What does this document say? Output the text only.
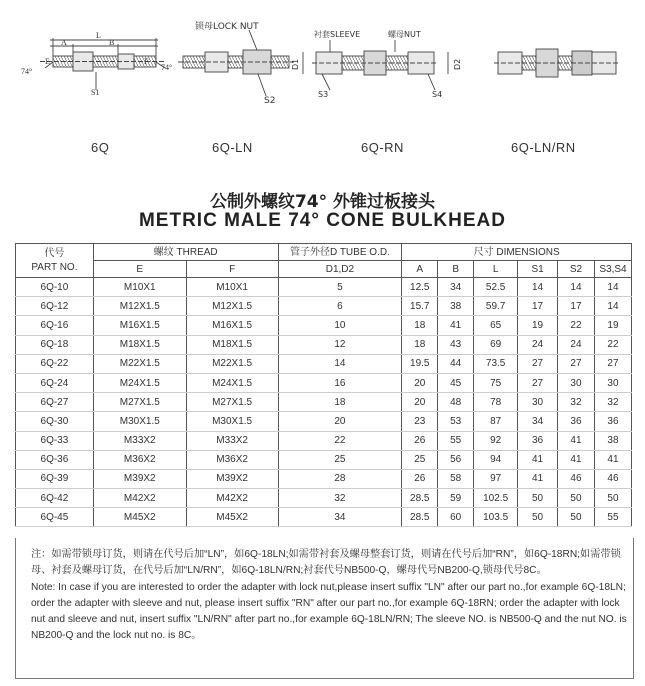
74°
A
L
B
E	F
S1
74°
锁母LOCK NUT
S2
衬套SLEEVE	螺母NUT
D1
S3	S4
D2
6Q	6Q-LN	6Q-RN	6Q-LN/RN
公制外螺纹74° 外锥过板接头
METRIC MALE 74° CONE BULKHEAD
代号
PART NO.	螺纹 THREAD		管子外径D TUBE O.D.	尺寸 DIMENSIONS					
	E	F	D1,D2	A	B	L	S1	S2	S3,S4
6Q-10	M10X1	M10X1	5	12.5	34	52.5	14	14	14
6Q-12	M12X1.5	M12X1.5	6	15.7	38	59.7	17	17	14
6Q-16	M16X1.5	M16X1.5	10	18	41	65	19	22	19
6Q-18	M18X1.5	M18X1.5	12	18	43	69	24	24	22
6Q-22	M22X1.5	M22X1.5	14	19.5	44	73.5	27	27	27
6Q-24	M24X1.5	M24X1.5	16	20	45	75	27	30	30
6Q-27	M27X1.5	M27X1.5	18	20	48	78	30	32	32
6Q-30	M30X1.5	M30X1.5	20	23	53	87	34	36	36
6Q-33	M33X2	M33X2	22	26	55	92	36	41	38
6Q-36	M36X2	M36X2	25	25	56	94	41	41	41
6Q-39	M39X2	M39X2	28	26	58	97	41	46	46
6Q-42	M42X2	M42X2	32	28.5	59	102.5	50	50	50
6Q-45	M45X2	M45X2	34	28.5	60	103.5	50	50	55

注：如需带锁母订货，则请在代号后加“LN”，如6Q-18LN;如需带衬套及螺母整套订货，则请在代号后加“RN”，如6Q-18RN;如需带锁母、衬套及螺母订货，在代号后加“LN/RN”，如6Q-18LN/RN;衬套代号NB500-Q，螺母代号NB200-Q,锁母代号8C。

Note: In case if you are interested to order the adapter with lock nut,please insert suffix "LN" after our part no.,for example 6Q-18LN; order the adapter with sleeve and nut, please insert suffix "RN" after our part no.,for example 6Q-18RN; order the adapter with lock nut and sleeve and nut, insert suffix "LN/RN" after part no.,for example 6Q-18LN/RN; The sleeve NO. is NB500-Q and the nut NO. is NB200-Q and the lock nut no. is 8C。
